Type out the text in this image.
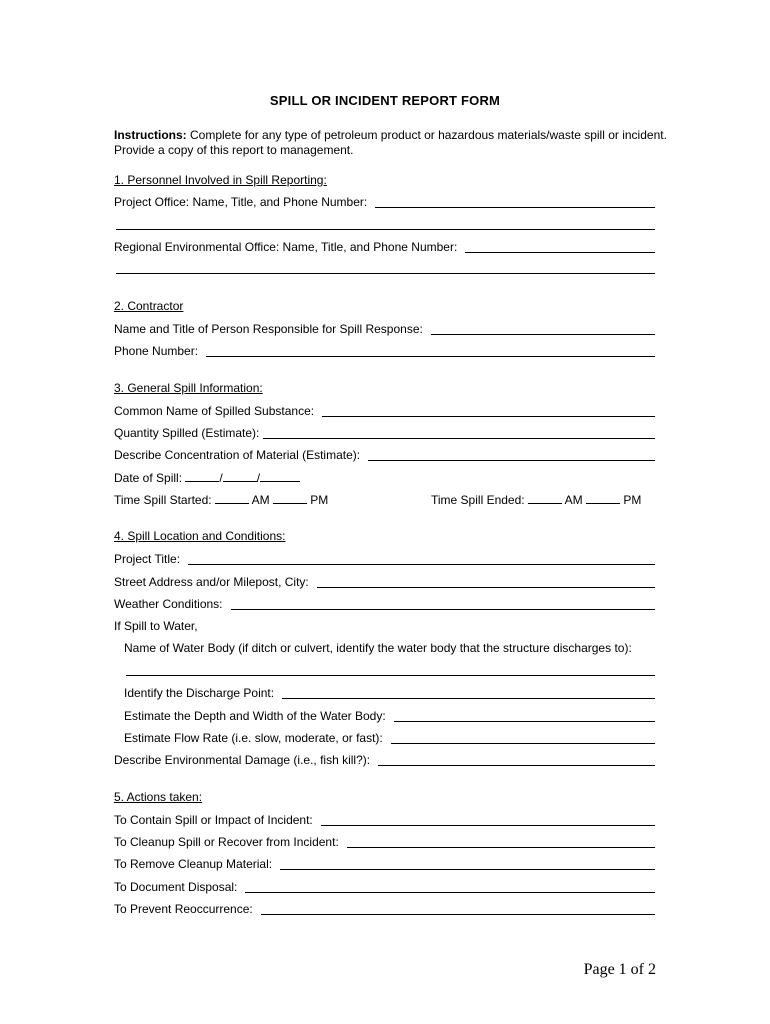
SPILL OR INCIDENT REPORT FORM
Instructions: Complete for any type of petroleum product or hazardous materials/waste spill or incident. Provide a copy of this report to management.
1. Personnel Involved in Spill Reporting:
Project Office: Name, Title, and Phone Number:
Regional Environmental Office: Name, Title, and Phone Number:
2. Contractor
Name and Title of Person Responsible for Spill Response:
Phone Number:
3. General Spill Information:
Common Name of Spilled Substance:
Quantity Spilled (Estimate):
Describe Concentration of Material (Estimate):
Date of Spill:	/	/
Time Spill Started:	AM	PM	Time Spill Ended:	AM	PM
4. Spill Location and Conditions:
Project Title:
Street Address and/or Milepost, City:
Weather Conditions:
If Spill to Water,
Name of Water Body (if ditch or culvert, identify the water body that the structure discharges to):
Identify the Discharge Point:
Estimate the Depth and Width of the Water Body:
Estimate Flow Rate (i.e. slow, moderate, or fast):
Describe Environmental Damage (i.e., fish kill?):
5. Actions taken:
To Contain Spill or Impact of Incident:
To Cleanup Spill or Recover from Incident:
To Remove Cleanup Material:
To Document Disposal:
To Prevent Reoccurrence:
Page 1 of 2
